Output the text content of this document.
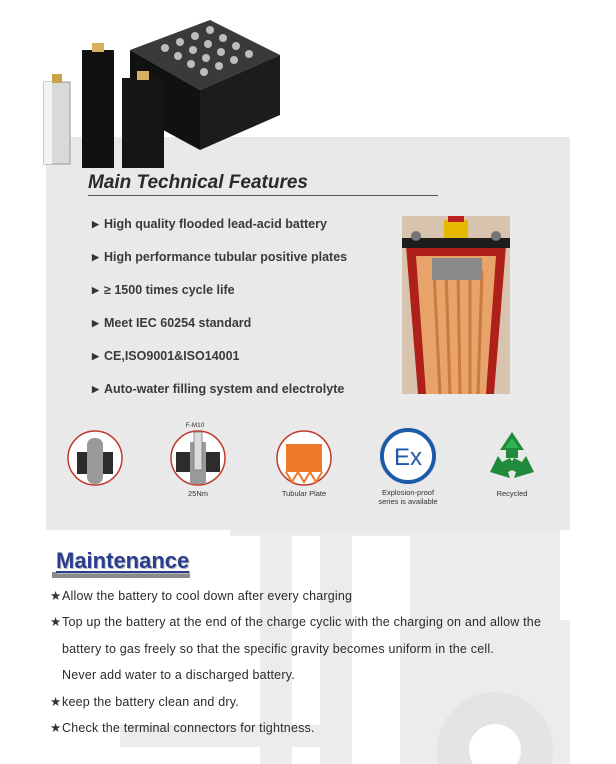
Main Technical Features
▶ High quality flooded lead-acid battery
▶ High performance tubular positive plates
▶ ≥ 1500 times cycle life
▶ Meet IEC 60254 standard
▶ CE,ISO9001&ISO14001
▶ Auto-water filling system and electrolyte
F-M10
25Nm	Tubular Plate
Ex
Explosion-proof
series is available
Recycled
Maintenance
★Allow the battery to cool down after every charging
★Top up the battery at the end of the charge cyclic with the charging on and allow the
battery to gas freely so that the specific gravity becomes uniform in the cell.
Never add water to a discharged battery.
★keep the battery clean and dry.
★Check the terminal connectors for tightness.
